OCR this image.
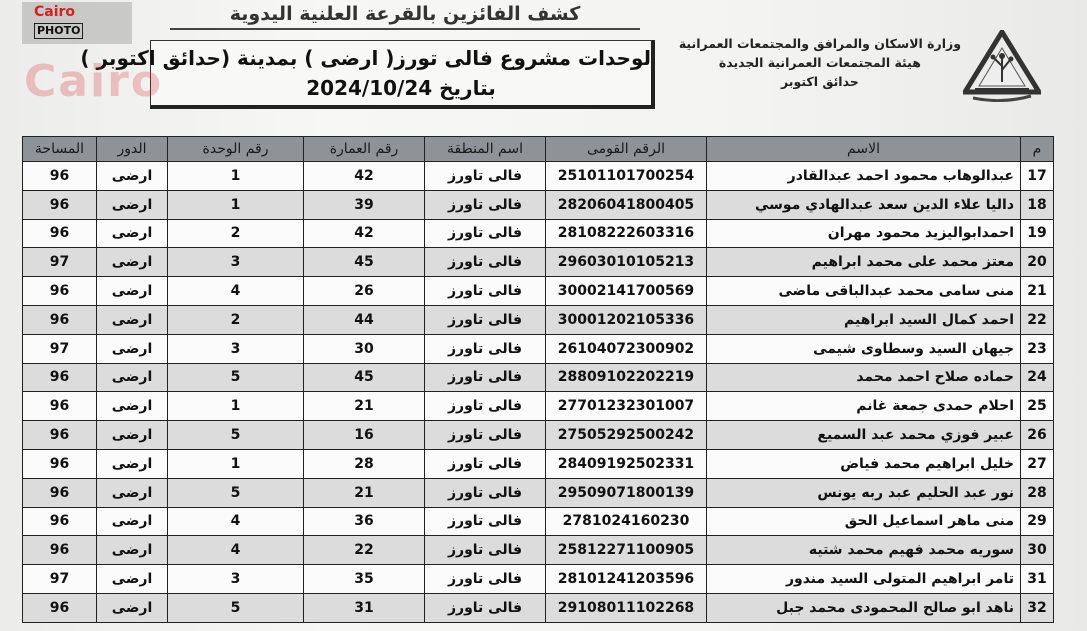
وزارة الاسكان والمرافق والمجتمعات العمرانية
هيئة المجتمعات العمرانية الجديدة
حدائق اكتوبر
كشف الفائزين بالقرعة العلنية اليدوية
لوحدات مشروع فالى تورز( ارضى ) بمدينة (حدائق اكتوبر )
بتاريخ 2024/10/24
م	الاسم	الرقم القومى	اسم المنطقة	رقم العمارة	رقم الوحدة	الدور	المساحة
17	عبدالوهاب محمود احمد عبدالقادر	25101101700254	فالى تاورز	42	1	ارضى	96
18	داليا علاء الدين سعد عبدالهادي موسي	28206041800405	فالى تاورز	39	1	ارضى	96
19	احمدابواليزيد محمود مهران	28108222603316	فالى تاورز	42	2	ارضى	96
20	معتز محمد على محمد ابراهيم	29603010105213	فالى تاورز	45	3	ارضى	97
21	منى سامى محمد عبدالباقى ماضى	30002141700569	فالى تاورز	26	4	ارضى	96
22	احمد كمال السيد ابراهيم	30001202105336	فالى تاورز	44	2	ارضى	96
23	جيهان السيد وسطاوى شيمى	26104072300902	فالى تاورز	30	3	ارضى	97
24	حماده صلاح احمد محمد	28809102202219	فالى تاورز	45	5	ارضى	96
25	احلام حمدى جمعة غانم	27701232301007	فالى تاورز	21	1	ارضى	96
26	عبير فوزي محمد عبد السميع	27505292500242	فالى تاورز	16	5	ارضى	96
27	خليل ابراهيم محمد فياض	28409192502331	فالى تاورز	28	1	ارضى	96
28	نور عبد الحليم عبد ربه يونس	29509071800139	فالى تاورز	21	5	ارضى	96
29	منى ماهر اسماعيل الحق	2781024160230	فالى تاورز	36	4	ارضى	96
30	سوريه محمد فهيم محمد شتيه	25812271100905	فالى تاورز	22	4	ارضى	96
31	تامر ابراهيم المتولى السيد مندور	28101241203596	فالى تاورز	35	3	ارضى	97
32	ناهد ابو صالح المحمودى محمد جبل	29108011102268	فالى تاورز	31	5	ارضى	96
Cairo
Cairo
PHOTO
